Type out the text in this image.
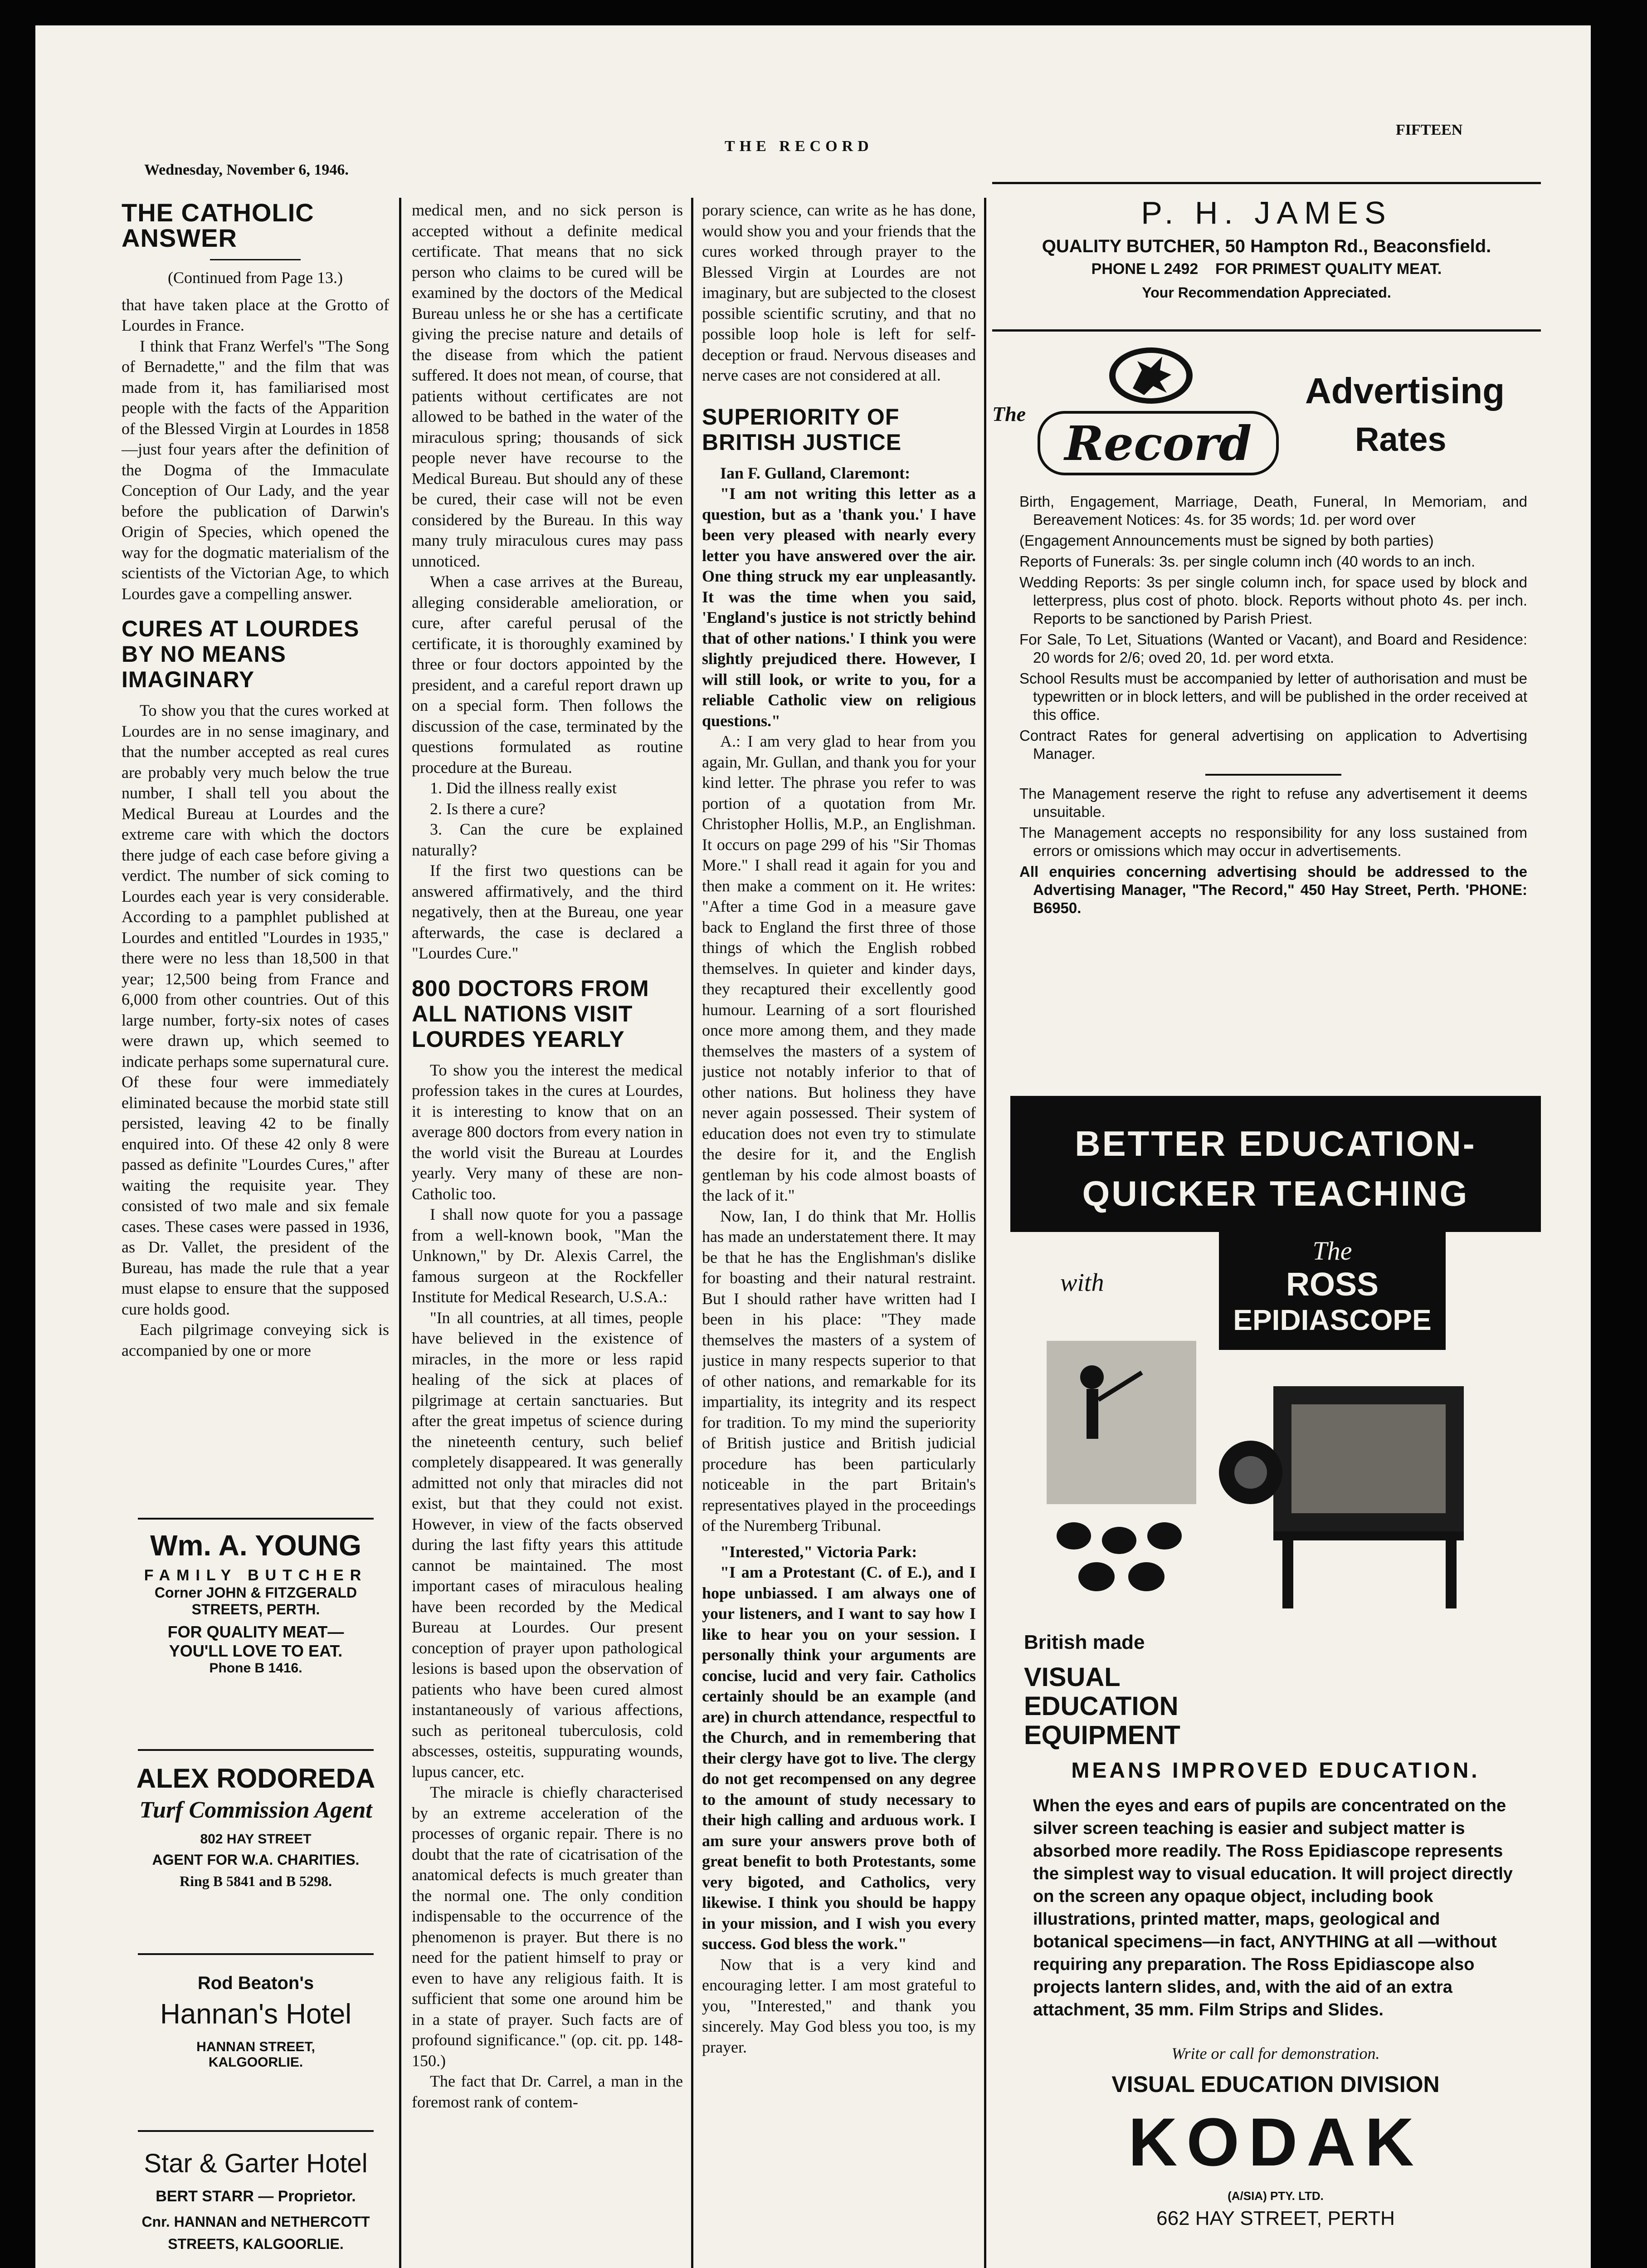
Wednesday, November 6, 1946.
THE RECORD
FIFTEEN
THE CATHOLIC ANSWER
(Continued from Page 13.)

that have taken place at the Grotto of Lourdes in France.

I think that Franz Werfel's "The Song of Bernadette," and the film that was made from it, has familiarised most people with the facts of the Apparition of the Blessed Virgin at Lourdes in 1858—just four years after the definition of the Dogma of the Immaculate Conception of Our Lady, and the year before the publication of Darwin's Origin of Species, which opened the way for the dogmatic materialism of the scientists of the Victorian Age, to which Lourdes gave a compelling answer.

CURES AT LOURDES BY NO MEANS IMAGINARY

To show you that the cures worked at Lourdes are in no sense imaginary, and that the number accepted as real cures are probably very much below the true number, I shall tell you about the Medical Bureau at Lourdes and the extreme care with which the doctors there judge of each case before giving a verdict. The number of sick coming to Lourdes each year is very considerable. According to a pamphlet published at Lourdes and entitled "Lourdes in 1935," there were no less than 18,500 in that year; 12,500 being from France and 6,000 from other countries. Out of this large number, forty-six notes of cases were drawn up, which seemed to indicate perhaps some supernatural cure. Of these four were immediately eliminated because the morbid state still persisted, leaving 42 to be finally enquired into. Of these 42 only 8 were passed as definite "Lourdes Cures," after waiting the requisite year. They consisted of two male and six female cases. These cases were passed in 1936, as Dr. Vallet, the president of the Bureau, has made the rule that a year must elapse to ensure that the supposed cure holds good.

Each pilgrimage conveying sick is accompanied by one or more

Wm. A. YOUNG
FAMILY BUTCHER
Corner JOHN & FITZGERALD
STREETS, PERTH.
FOR QUALITY MEAT—
YOU'LL LOVE TO EAT.
Phone B 1416.
ALEX RODOREDA
Turf Commission Agent
802 HAY STREET
AGENT FOR W.A. CHARITIES.
Ring B 5841 and B 5298.
Rod Beaton's
Hannan's Hotel
HANNAN STREET,
KALGOORLIE.
Star & Garter Hotel
BERT STARR — Proprietor.
Cnr. HANNAN and NETHERCOTT
STREETS, KALGOORLIE.

medical men, and no sick person is accepted without a definite medical certificate. That means that no sick person who claims to be cured will be examined by the doctors of the Medical Bureau unless he or she has a certificate giving the precise nature and details of the disease from which the patient suffered. It does not mean, of course, that patients without certificates are not allowed to be bathed in the water of the miraculous spring; thousands of sick people never have recourse to the Medical Bureau. But should any of these be cured, their case will not be even considered by the Bureau. In this way many truly miraculous cures may pass unnoticed.

When a case arrives at the Bureau, alleging considerable amelioration, or cure, after careful perusal of the certificate, it is thoroughly examined by three or four doctors appointed by the president, and a careful report drawn up on a special form. Then follows the discussion of the case, terminated by the questions formulated as routine procedure at the Bureau.

1. Did the illness really exist

2. Is there a cure?

3. Can the cure be explained naturally?

If the first two questions can be answered affirmatively, and the third negatively, then at the Bureau, one year afterwards, the case is declared a "Lourdes Cure."

800 DOCTORS FROM ALL NATIONS VISIT LOURDES YEARLY

To show you the interest the medical profession takes in the cures at Lourdes, it is interesting to know that on an average 800 doctors from every nation in the world visit the Bureau at Lourdes yearly. Very many of these are non-Catholic too.

I shall now quote for you a passage from a well-known book, "Man the Unknown," by Dr. Alexis Carrel, the famous surgeon at the Rockfeller Institute for Medical Research, U.S.A.:

"In all countries, at all times, people have believed in the existence of miracles, in the more or less rapid healing of the sick at places of pilgrimage at certain sanctuaries. But after the great impetus of science during the nineteenth century, such belief completely disappeared. It was generally admitted not only that miracles did not exist, but that they could not exist. However, in view of the facts observed during the last fifty years this attitude cannot be maintained. The most important cases of miraculous healing have been recorded by the Medical Bureau at Lourdes. Our present conception of prayer upon pathological lesions is based upon the observation of patients who have been cured almost instantaneously of various affections, such as peritoneal tuberculosis, cold abscesses, osteitis, suppurating wounds, lupus cancer, etc.

The miracle is chiefly characterised by an extreme acceleration of the processes of organic repair. There is no doubt that the rate of cicatrisation of the anatomical defects is much greater than the normal one. The only condition indispensable to the occurrence of the phenomenon is prayer. But there is no need for the patient himself to pray or even to have any religious faith. It is sufficient that some one around him be in a state of prayer. Such facts are of profound significance." (op. cit. pp. 148-150.)

The fact that Dr. Carrel, a man in the foremost rank of contem-

porary science, can write as he has done, would show you and your friends that the cures worked through prayer to the Blessed Virgin at Lourdes are not imaginary, but are subjected to the closest possible scientific scrutiny, and that no possible loop hole is left for self-deception or fraud. Nervous diseases and nerve cases are not considered at all.

SUPERIORITY OF BRITISH JUSTICE

Ian F. Gulland, Claremont:

"I am not writing this letter as a question, but as a 'thank you.' I have been very pleased with nearly every letter you have answered over the air. One thing struck my ear unpleasantly. It was the time when you said, 'England's justice is not strictly behind that of other nations.' I think you were slightly prejudiced there. However, I will still look, or write to you, for a reliable Catholic view on religious questions."

A.: I am very glad to hear from you again, Mr. Gullan, and thank you for your kind letter. The phrase you refer to was portion of a quotation from Mr. Christopher Hollis, M.P., an Englishman. It occurs on page 299 of his "Sir Thomas More." I shall read it again for you and then make a comment on it. He writes: "After a time God in a measure gave back to England the first three of those things of which the English robbed themselves. In quieter and kinder days, they recaptured their excellently good humour. Learning of a sort flourished once more among them, and they made themselves the masters of a system of justice not notably inferior to that of other nations. But holiness they have never again possessed. Their system of education does not even try to stimulate the desire for it, and the English gentleman by his code almost boasts of the lack of it."

Now, Ian, I do think that Mr. Hollis has made an understatement there. It may be that he has the Englishman's dislike for boasting and their natural restraint. But I should rather have written had I been in his place: "They made themselves the masters of a system of justice in many respects superior to that of other nations, and remarkable for its impartiality, its integrity and its respect for tradition. To my mind the superiority of British justice and British judicial procedure has been particularly noticeable in the part Britain's representatives played in the proceedings of the Nuremberg Tribunal.

"Interested," Victoria Park:

"I am a Protestant (C. of E.), and I hope unbiassed. I am always one of your listeners, and I want to say how I like to hear you on your session. I personally think your arguments are concise, lucid and very fair. Catholics certainly should be an example (and are) in church attendance, respectful to the Church, and in remembering that their clergy have got to live. The clergy do not get recompensed on any degree to the amount of study necessary to their high calling and arduous work. I am sure your answers prove both of great benefit to both Protestants, some very bigoted, and Catholics, very likewise. I think you should be happy in your mission, and I wish you every success. God bless the work."

Now that is a very kind and encouraging letter. I am most grateful to you, "Interested," and thank you sincerely. May God bless you too, is my prayer.

P. H. JAMES
QUALITY BUTCHER, 50 Hampton Rd., Beaconsfield.
PHONE L 2492 FOR PRIMEST QUALITY MEAT.
Your Recommendation Appreciated.
The
Record
Advertising
Rates

Birth, Engagement, Marriage, Death, Funeral, In Memoriam, and Bereavement Notices: 4s. for 35 words; 1d. per word over

(Engagement Announcements must be signed by both parties)

Reports of Funerals: 3s. per single column inch (40 words to an inch.

Wedding Reports: 3s per single column inch, for space used by block and letterpress, plus cost of photo. block. Reports without photo 4s. per inch. Reports to be sanctioned by Parish Priest.

For Sale, To Let, Situations (Wanted or Vacant), and Board and Residence: 20 words for 2/6; oved 20, 1d. per word etxta.

School Results must be accompanied by letter of authorisation and must be typewritten or in block letters, and will be published in the order received at this office.

Contract Rates for general advertising on application to Advertising Manager.

The Management reserve the right to refuse any advertisement it deems unsuitable.

The Management accepts no responsibility for any loss sustained from errors or omissions which may occur in advertisements.

All enquiries concerning advertising should be addressed to the Advertising Manager, "The Record," 450 Hay Street, Perth. 'PHONE: B6950.

BETTER EDUCATION-
QUICKER TEACHING
with
The
ROSS
EPIDIASCOPE
British made
VISUAL
EDUCATION
EQUIPMENT
MEANS IMPROVED EDUCATION.
When the eyes and ears of pupils are concentrated on the silver screen teaching is easier and subject matter is absorbed more readily. The Ross Epidiascope represents the simplest way to visual education. It will project directly on the screen any opaque object, including book illustrations, printed matter, maps, geological and botanical specimens—in fact, ANYTHING at all —without requiring any preparation. The Ross Epidiascope also projects lantern slides, and, with the aid of an extra attachment, 35 mm. Film Strips and Slides.
Write or call for demonstration.
VISUAL EDUCATION DIVISION
KODAK
(A/SIA) PTY. LTD.
662 HAY STREET, PERTH
